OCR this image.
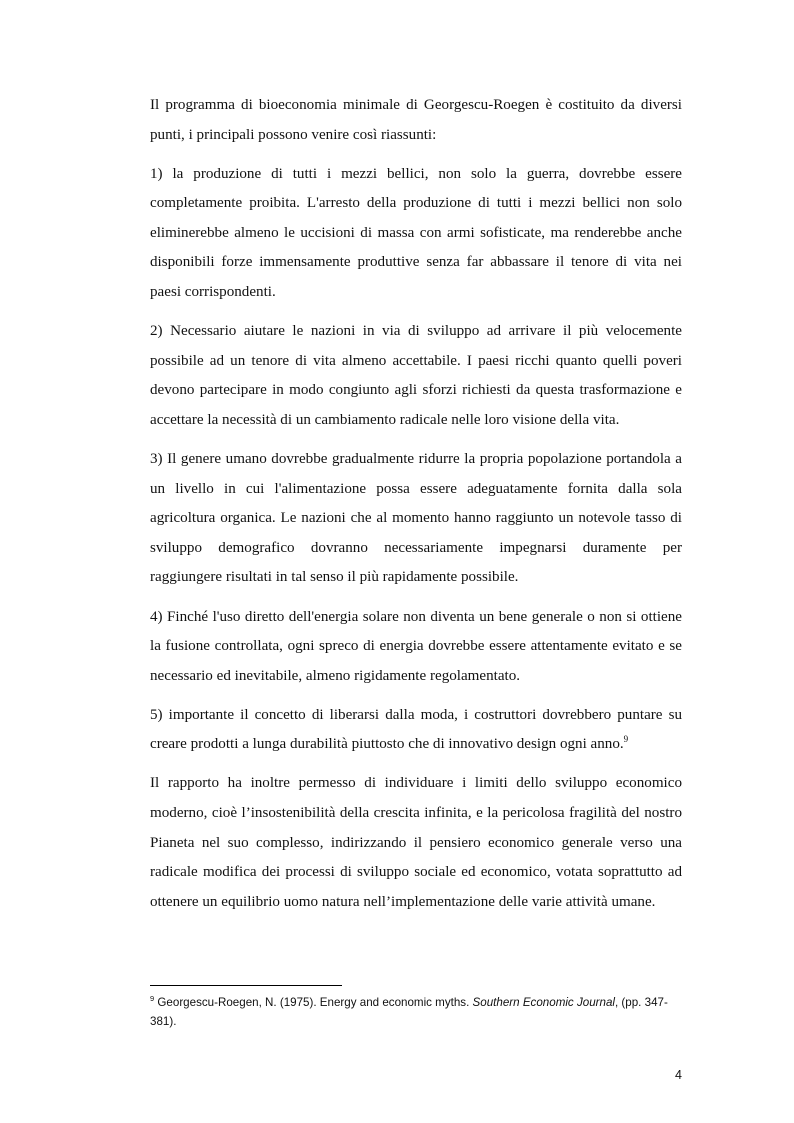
Il programma di bioeconomia minimale di Georgescu-Roegen è costituito da diversi punti, i principali possono venire così riassunti:

1) la produzione di tutti i mezzi bellici, non solo la guerra, dovrebbe essere completamente proibita. L'arresto della produzione di tutti i mezzi bellici non solo eliminerebbe almeno le uccisioni di massa con armi sofisticate, ma renderebbe anche disponibili forze immensamente produttive senza far abbassare il tenore di vita nei paesi corrispondenti.

2) Necessario aiutare le nazioni in via di sviluppo ad arrivare il più velocemente possibile ad un tenore di vita almeno accettabile. I paesi ricchi quanto quelli poveri devono partecipare in modo congiunto agli sforzi richiesti da questa trasformazione e accettare la necessità di un cambiamento radicale nelle loro visione della vita.

3) Il genere umano dovrebbe gradualmente ridurre la propria popolazione portandola a un livello in cui l'alimentazione possa essere adeguatamente fornita dalla sola agricoltura organica. Le nazioni che al momento hanno raggiunto un notevole tasso di sviluppo demografico dovranno necessariamente impegnarsi duramente per raggiungere risultati in tal senso il più rapidamente possibile.

4) Finché l'uso diretto dell'energia solare non diventa un bene generale o non si ottiene la fusione controllata, ogni spreco di energia dovrebbe essere attentamente evitato e se necessario ed inevitabile, almeno rigidamente regolamentato.

5) importante il concetto di liberarsi dalla moda, i costruttori dovrebbero puntare su creare prodotti a lunga durabilità piuttosto che di innovativo design ogni anno.$^9$

Il rapporto ha inoltre permesso di individuare i limiti dello sviluppo economico moderno, cioè l’insostenibilità della crescita infinita, e la pericolosa fragilità del nostro Pianeta nel suo complesso, indirizzando il pensiero economico generale verso una radicale modifica dei processi di sviluppo sociale ed economico, votata soprattutto ad ottenere un equilibrio uomo natura nell’implementazione delle varie attività umane.

$^9$ Georgescu-Roegen, N. (1975). Energy and economic myths. Southern Economic Journal, (pp. 347-381).
4
